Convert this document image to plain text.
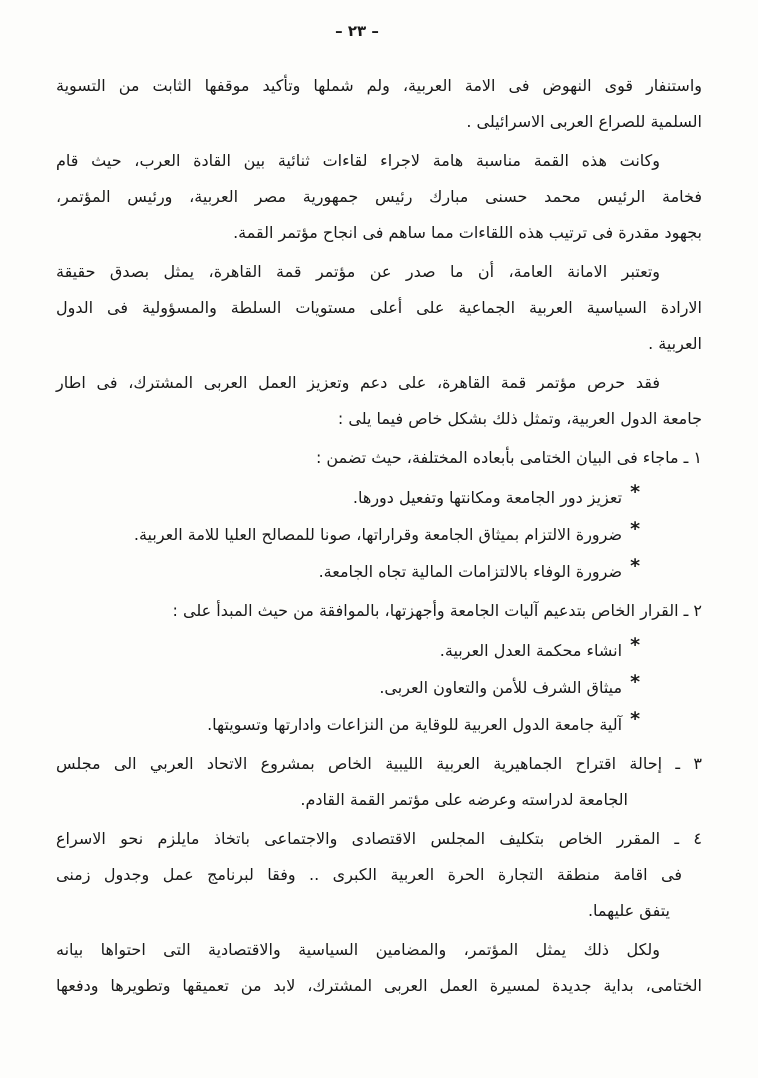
– ٢٣ –
واستنفار قوى النهوض فى الامة العربية، ولم شملها وتأكيد موقفها الثابت من التسوية
السلمية للصراع العربى الاسرائيلى .
وكانت هذه القمة مناسبة هامة لاجراء لقاءات ثنائية بين القادة العرب، حيث قام
فخامة الرئيس محمد حسنى مبارك رئيس جمهورية مصر العربية، ورئيس المؤتمر،
بجهود مقدرة فى ترتيب هذه اللقاءات مما ساهم فى انجاح مؤتمر القمة.
وتعتبر الامانة العامة، أن ما صدر عن مؤتمر قمة القاهرة، يمثل بصدق حقيقة
الارادة السياسية العربية الجماعية على أعلى مستويات السلطة والمسؤولية فى الدول
العربية .
فقد حرص مؤتمر قمة القاهرة، على دعم وتعزيز العمل العربى المشترك، فى اطار
جامعة الدول العربية، وتمثل ذلك بشكل خاص فيما يلى :
١ ـ ماجاء فى البيان الختامى بأبعاده المختلفة، حيث تضمن :
*تعزيز دور الجامعة ومكانتها وتفعيل دورها.
*ضرورة الالتزام بميثاق الجامعة وقراراتها، صونا للمصالح العليا للامة العربية.
*ضرورة الوفاء بالالتزامات المالية تجاه الجامعة.
٢ ـ القرار الخاص بتدعيم آليات الجامعة وأجهزتها، بالموافقة من حيث المبدأ على :
*انشاء محكمة العدل العربية.
*ميثاق الشرف للأمن والتعاون العربى.
*آلية جامعة الدول العربية للوقاية من النزاعات وادارتها وتسويتها.
٣ ـ إحالة اقتراح الجماهيرية العربية الليبية الخاص بمشروع الاتحاد العربي الى مجلس
الجامعة لدراسته وعرضه على مؤتمر القمة القادم.
٤ ـ المقرر الخاص بتكليف المجلس الاقتصادى والاجتماعى باتخاذ مايلزم نحو الاسراع
فى اقامة منطقة التجارة الحرة العربية الكبرى .. وفقا لبرنامج عمل وجدول زمنى
يتفق عليهما.
ولكل ذلك يمثل المؤتمر، والمضامين السياسية والاقتصادية التى احتواها بيانه
الختامى، بداية جديدة لمسيرة العمل العربى المشترك، لابد من تعميقها وتطويرها ودفعها
